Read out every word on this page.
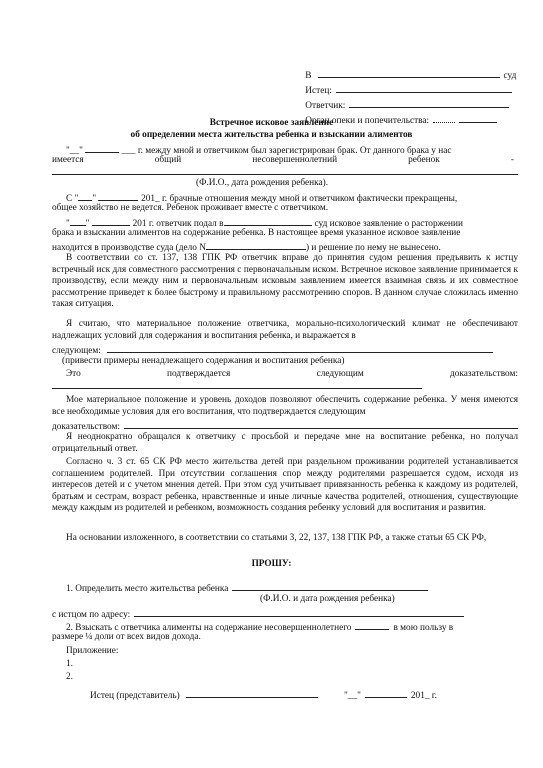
В	суд

Истец:

Ответчик:

Орган опеки и попечительства:

Встречное исковое заявление
об определении места жительства ребенка и взыскании алиментов
"__"	___ г. между мной и ответчиком был зарегистрирован брак. От данного брака у нас
имеется общий несовершеннолетний ребенок -
(Ф.И.О., дата рождения ребенка).
С " "	201_ г. брачные отношения между мной и ответчиком фактически прекращены,
общее хозяйство не ведется. Ребенок проживает вместе с ответчиком.
" "	201 г. ответчик подал в	суд исковое заявление о расторжении
брака и взыскании алиментов на содержание ребенка. В настоящее время указанное исковое заявление
находится в производстве суда (дело N	) и решение по нему не вынесено.
В соответствии со ст. 137, 138 ГПК РФ ответчик вправе до принятия судом решения предъявить к истцу встречный иск для совместного рассмотрения с первоначальным иском. Встречное исковое заявление принимается к производству, если между ним и первоначальным исковым заявлением имеется взаимная связь и их совместное рассмотрение приведет к более быстрому и правильному рассмотрению споров. В данном случае сложилась именно такая ситуация.
Я считаю, что материальное положение ответчика, морально-психологический климат не обеспечивают надлежащих условий для содержания и воспитания ребенка, и выражается в
следующем:
(привести примеры ненадлежащего содержания и воспитания ребенка)
Это подтверждается следующим доказательством:
Мое материальное положение и уровень доходов позволяют обеспечить содержание ребенка. У меня имеются все необходимые условия для его воспитания, что подтверждается следующим
доказательством:
Я неоднократно обращался к ответчику с просьбой и передаче мне на воспитание ребенка, но получал отрицательный ответ.
Согласно ч. 3 ст. 65 СК РФ место жительства детей при раздельном проживании родителей устанавливается соглашением родителей. При отсутствии соглашения спор между родителями разрешается судом, исходя из интересов детей и с учетом мнения детей. При этом суд учитывает привязанность ребенка к каждому из родителей, братьям и сестрам, возраст ребенка, нравственные и иные личные качества родителей, отношения, существующие между каждым из родителей и ребенком, возможность создания ребенку условий для воспитания и развития.
На основании изложенного, в соответствии со статьями 3, 22, 137, 138 ГПК РФ, а также статьи 65 СК РФ,
ПРОШУ:
1. Определить место жительства ребенка
(Ф.И.О. и дата рождения ребенка)
с истцом по адресу:
2. Взыскать с ответчика алименты на содержание несовершеннолетнего	в мою пользу в
размере ¼ доли от всех видов дохода.
Приложение:
1.
2.
Истец (представитель)	"__"	201_ г.
